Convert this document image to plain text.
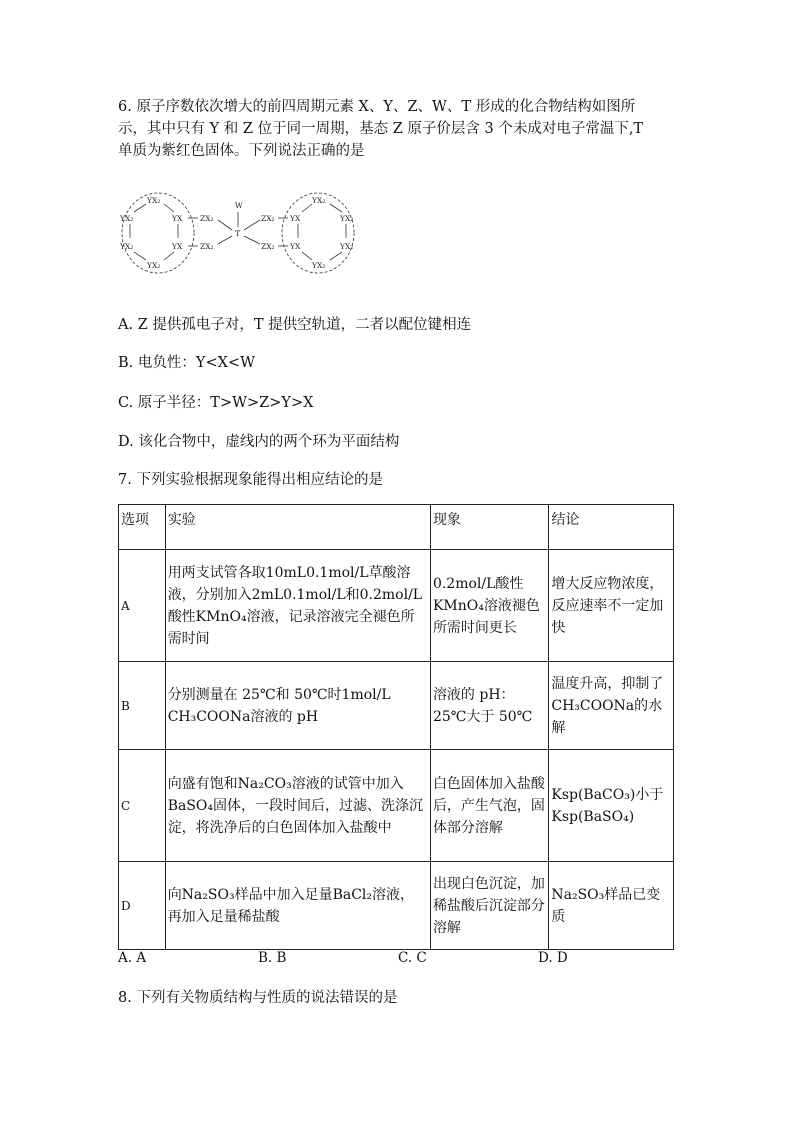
6. 原子序数依次增大的前四周期元素 X、Y、Z、W、T 形成的化合物结构如图所

示，其中只有 Y 和 Z 位于同一周期，基态 Z 原子价层含 3 个未成对电子常温下,T

单质为紫红色固体。下列说法正确的是

YX₂
YX₂	YX
YX₂	YX
YX₂
ZX₂
ZX₂
W
T
ZX₂
ZX₂
YX₂
YX	YX₂
YX	YX₂
YX₂
A. Z 提供孤电子对，T 提供空轨道，二者以配位键相连
B. 电负性：Y<X<W
C. 原子半径：T>W>Z>Y>X
D. 该化合物中，虚线内的两个环为平面结构
7. 下列实验根据现象能得出相应结论的是
选项	实验	现象	结论
A	用两支试管各取10mL0.1mol/L草酸溶液，分别加入2mL0.1mol/L和0.2mol/L酸性KMnO₄溶液，记录溶液完全褪色所需时间	0.2mol/L酸性KMnO₄溶液褪色所需时间更长	增大反应物浓度，反应速率不一定加快
B	分别测量在 25℃和 50℃时1mol/L CH₃COONa溶液的 pH	溶液的 pH：25℃大于 50℃	温度升高，抑制了CH₃COONa的水解
C	向盛有饱和Na₂CO₃溶液的试管中加入BaSO₄固体，一段时间后，过滤、洗涤沉淀，将洗净后的白色固体加入盐酸中	白色固体加入盐酸后，产生气泡，固体部分溶解	Ksp(BaCO₃)小于Ksp(BaSO₄)
D	向Na₂SO₃样品中加入足量BaCl₂溶液，再加入足量稀盐酸	出现白色沉淀，加稀盐酸后沉淀部分溶解	Na₂SO₃样品已变质
A. A	B. B	C. C	D. D
8. 下列有关物质结构与性质的说法错误的是
